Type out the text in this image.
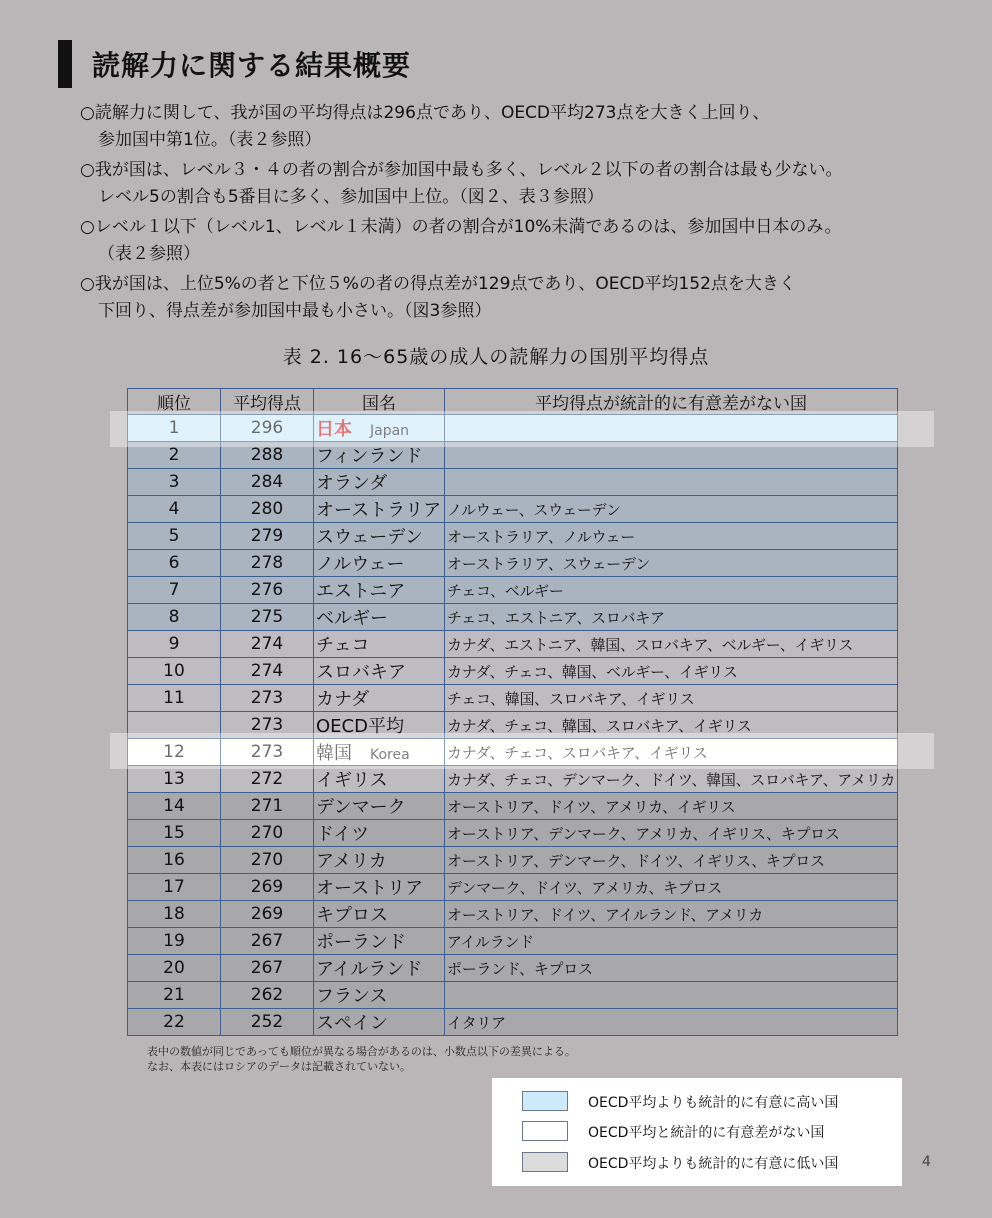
読解力に関する結果概要
○読解力に関して、我が国の平均得点は296点であり、OECD平均273点を大きく上回り、
参加国中第1位。（表２参照）
○我が国は、レベル３・４の者の割合が参加国中最も多く、レベル２以下の者の割合は最も少ない。
レベル5の割合も5番目に多く、参加国中上位。（図２、表３参照）
○レベル１以下（レベル1、レベル１未満）の者の割合が10%未満であるのは、参加国中日本のみ。
（表２参照）
○我が国は、上位5%の者と下位５%の者の得点差が129点であり、OECD平均152点を大きく
下回り、得点差が参加国中最も小さい。（図3参照）
表 2. 16～65歳の成人の読解力の国別平均得点
順位	平均得点	国名	平均得点が統計的に有意差がない国
1	296	日本 Japan	
2	288	フィンランド	
3	284	オランダ	
4	280	オーストラリア	ノルウェー、スウェーデン
5	279	スウェーデン	オーストラリア、ノルウェー
6	278	ノルウェー	オーストラリア、スウェーデン
7	276	エストニア	チェコ、ベルギー
8	275	ベルギー	チェコ、エストニア、スロバキア
9	274	チェコ	カナダ、エストニア、韓国、スロバキア、ベルギー、イギリス
10	274	スロバキア	カナダ、チェコ、韓国、ベルギー、イギリス
11	273	カナダ	チェコ、韓国、スロバキア、イギリス
	273	OECD平均	カナダ、チェコ、韓国、スロバキア、イギリス
12	273	韓国 Korea	カナダ、チェコ、スロバキア、イギリス
13	272	イギリス	カナダ、チェコ、デンマーク、ドイツ、韓国、スロバキア、アメリカ
14	271	デンマーク	オーストリア、ドイツ、アメリカ、イギリス
15	270	ドイツ	オーストリア、デンマーク、アメリカ、イギリス、キプロス
16	270	アメリカ	オーストリア、デンマーク、ドイツ、イギリス、キプロス
17	269	オーストリア	デンマーク、ドイツ、アメリカ、キプロス
18	269	キプロス	オーストリア、ドイツ、アイルランド、アメリカ
19	267	ポーランド	アイルランド
20	267	アイルランド	ポーランド、キプロス
21	262	フランス	
22	252	スペイン	イタリア
表中の数値が同じであっても順位が異なる場合があるのは、小数点以下の差異による。
なお、本表にはロシアのデータは記載されていない。
OECD平均よりも統計的に有意に高い国
OECD平均と統計的に有意差がない国
OECD平均よりも統計的に有意に低い国	4
